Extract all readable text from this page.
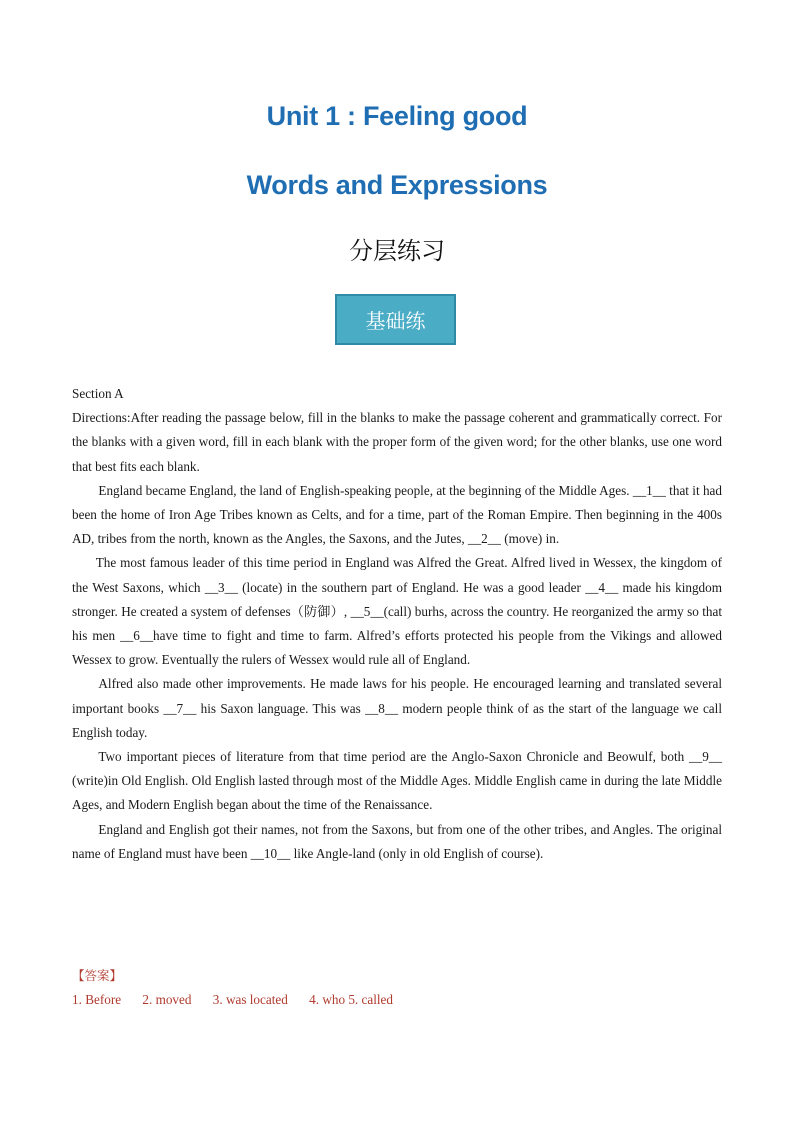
Unit 1 : Feeling good
Words and Expressions
分层练习
基础练

Section A

Directions:After reading the passage below, fill in the blanks to make the passage coherent and grammatically correct. For the blanks with a given word, fill in each blank with the proper form of the given word; for the other blanks, use one word that best fits each blank.

England became England, the land of English-speaking people, at the beginning of the Middle Ages. __1__ that it had been the home of Iron Age Tribes known as Celts, and for a time, part of the Roman Empire. Then beginning in the 400s AD, tribes from the north, known as the Angles, the Saxons, and the Jutes, __2__ (move) in.

The most famous leader of this time period in England was Alfred the Great. Alfred lived in Wessex, the kingdom of the West Saxons, which __3__ (locate) in the southern part of England. He was a good leader __4__ made his kingdom stronger. He created a system of defenses（防御）, __5__(call) burhs, across the country. He reorganized the army so that his men __6__have time to fight and time to farm. Alfred’s efforts protected his people from the Vikings and allowed Wessex to grow. Eventually the rulers of Wessex would rule all of England.

Alfred also made other improvements. He made laws for his people. He encouraged learning and translated several important books __7__ his Saxon language. This was __8__ modern people think of as the start of the language we call English today.

Two important pieces of literature from that time period are the Anglo-Saxon Chronicle and Beowulf, both __9__ (write)in Old English. Old English lasted through most of the Middle Ages. Middle English came in during the late Middle Ages, and Modern English began about the time of the Renaissance.

England and English got their names, not from the Saxons, but from one of the other tribes, and Angles. The original name of England must have been __10__ like Angle-land (only in old English of course).

【答案】
1. Before 2. moved 3. was located 4. who 5. called
